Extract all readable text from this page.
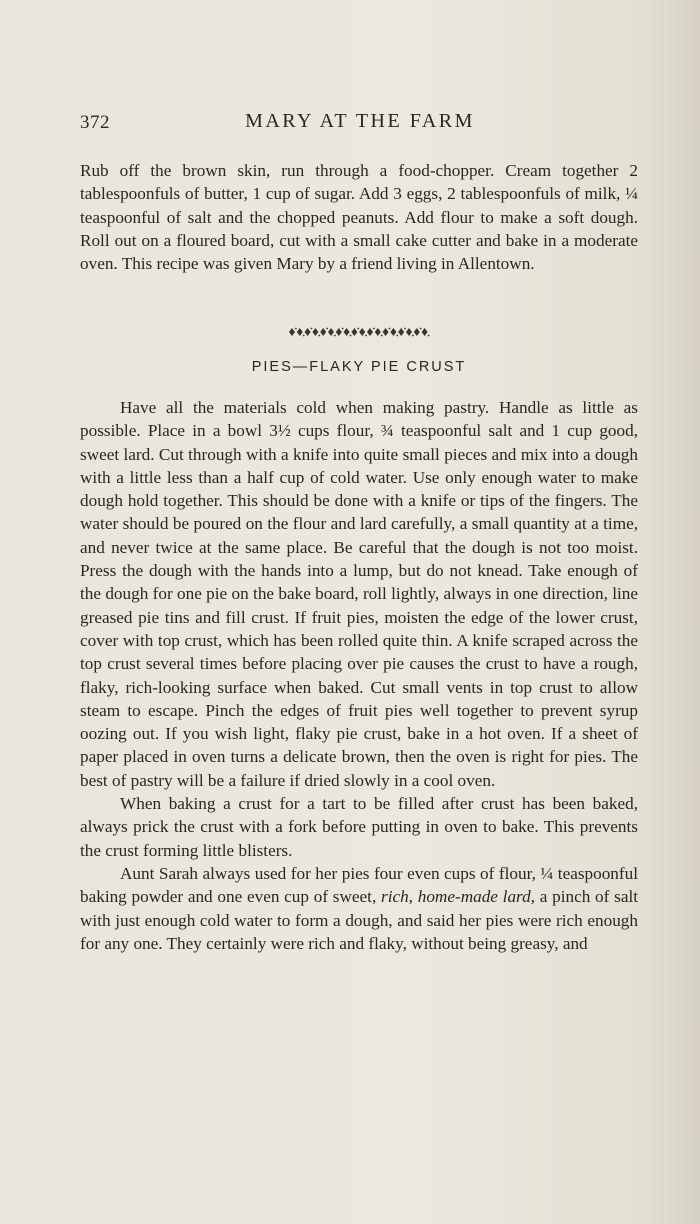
372	MARY AT THE FARM

Rub off the brown skin, run through a food-chopper. Cream together 2 tablespoonfuls of butter, 1 cup of sugar. Add 3 eggs, 2 tablespoonfuls of milk, ¼ teaspoonful of salt and the chopped peanuts. Add flour to make a soft dough. Roll out on a floured board, cut with a small cake cutter and bake in a moderate oven. This recipe was given Mary by a friend living in Allentown.

PIES—FLAKY PIE CRUST

Have all the materials cold when making pastry. Handle as little as possible. Place in a bowl 3½ cups flour, ¾ teaspoonful salt and 1 cup good, sweet lard. Cut through with a knife into quite small pieces and mix into a dough with a little less than a half cup of cold water. Use only enough water to make dough hold together. This should be done with a knife or tips of the fingers. The water should be poured on the flour and lard carefully, a small quantity at a time, and never twice at the same place. Be careful that the dough is not too moist. Press the dough with the hands into a lump, but do not knead. Take enough of the dough for one pie on the bake board, roll lightly, always in one direction, line greased pie tins and fill crust. If fruit pies, moisten the edge of the lower crust, cover with top crust, which has been rolled quite thin. A knife scraped across the top crust several times before placing over pie causes the crust to have a rough, flaky, rich-looking surface when baked. Cut small vents in top crust to allow steam to escape. Pinch the edges of fruit pies well together to prevent syrup oozing out. If you wish light, flaky pie crust, bake in a hot oven. If a sheet of paper placed in oven turns a delicate brown, then the oven is right for pies. The best of pastry will be a failure if dried slowly in a cool oven.

When baking a crust for a tart to be filled after crust has been baked, always prick the crust with a fork before putting in oven to bake. This prevents the crust forming little blisters.

Aunt Sarah always used for her pies four even cups of flour, ¼ teaspoonful baking powder and one even cup of sweet, rich, home-made lard, a pinch of salt with just enough cold water to form a dough, and said her pies were rich enough for any one. They certainly were rich and flaky, without being greasy, and
